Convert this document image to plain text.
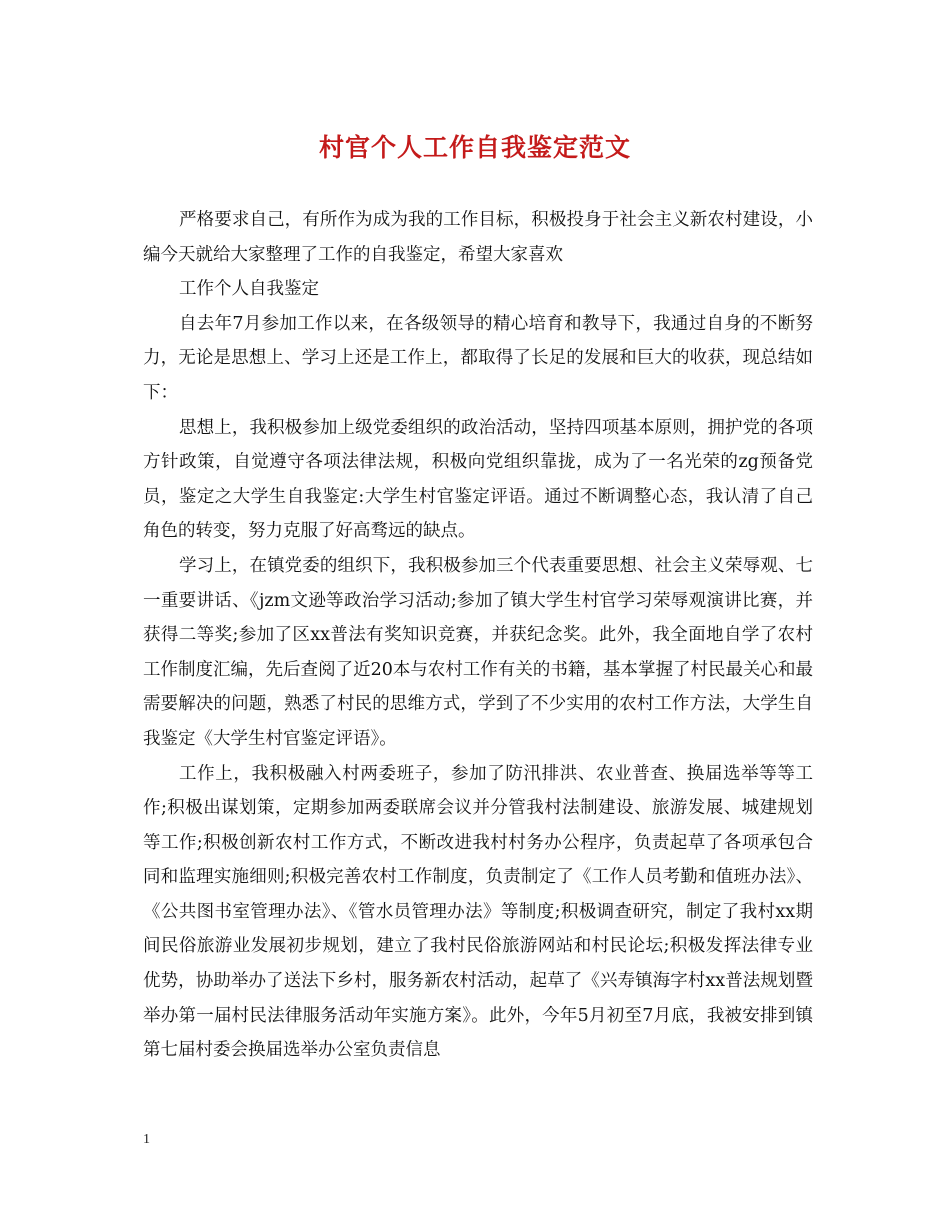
村官个人工作自我鉴定范文

严格要求自己，有所作为成为我的工作目标，积极投身于社会主义新农村建设，小编今天就给大家整理了工作的自我鉴定，希望大家喜欢

工作个人自我鉴定

自去年7月参加工作以来，在各级领导的精心培育和教导下，我通过自身的不断努力，无论是思想上、学习上还是工作上，都取得了长足的发展和巨大的收获，现总结如下：

思想上，我积极参加上级党委组织的政治活动，坚持四项基本原则，拥护党的各项方针政策，自觉遵守各项法律法规，积极向党组织靠拢，成为了一名光荣的zg预备党员，鉴定之大学生自我鉴定:大学生村官鉴定评语。通过不断调整心态，我认清了自己角色的转变，努力克服了好高骛远的缺点。

学习上，在镇党委的组织下，我积极参加三个代表重要思想、社会主义荣辱观、七一重要讲话、《jzm文逊等政治学习活动;参加了镇大学生村官学习荣辱观演讲比赛，并获得二等奖;参加了区xx普法有奖知识竞赛，并获纪念奖。此外，我全面地自学了农村工作制度汇编，先后查阅了近20本与农村工作有关的书籍，基本掌握了村民最关心和最需要解决的问题，熟悉了村民的思维方式，学到了不少实用的农村工作方法，大学生自我鉴定《大学生村官鉴定评语》。

工作上，我积极融入村两委班子，参加了防汛排洪、农业普查、换届选举等等工作;积极出谋划策，定期参加两委联席会议并分管我村法制建设、旅游发展、城建规划等工作;积极创新农村工作方式，不断改进我村村务办公程序，负责起草了各项承包合同和监理实施细则;积极完善农村工作制度，负责制定了《工作人员考勤和值班办法》、《公共图书室管理办法》、《管水员管理办法》等制度;积极调查研究，制定了我村xx期间民俗旅游业发展初步规划，建立了我村民俗旅游网站和村民论坛;积极发挥法律专业优势，协助举办了送法下乡村，服务新农村活动，起草了《兴寿镇海字村xx普法规划暨举办第一届村民法律服务活动年实施方案》。此外，今年5月初至7月底，我被安排到镇第七届村委会换届选举办公室负责信息

1
